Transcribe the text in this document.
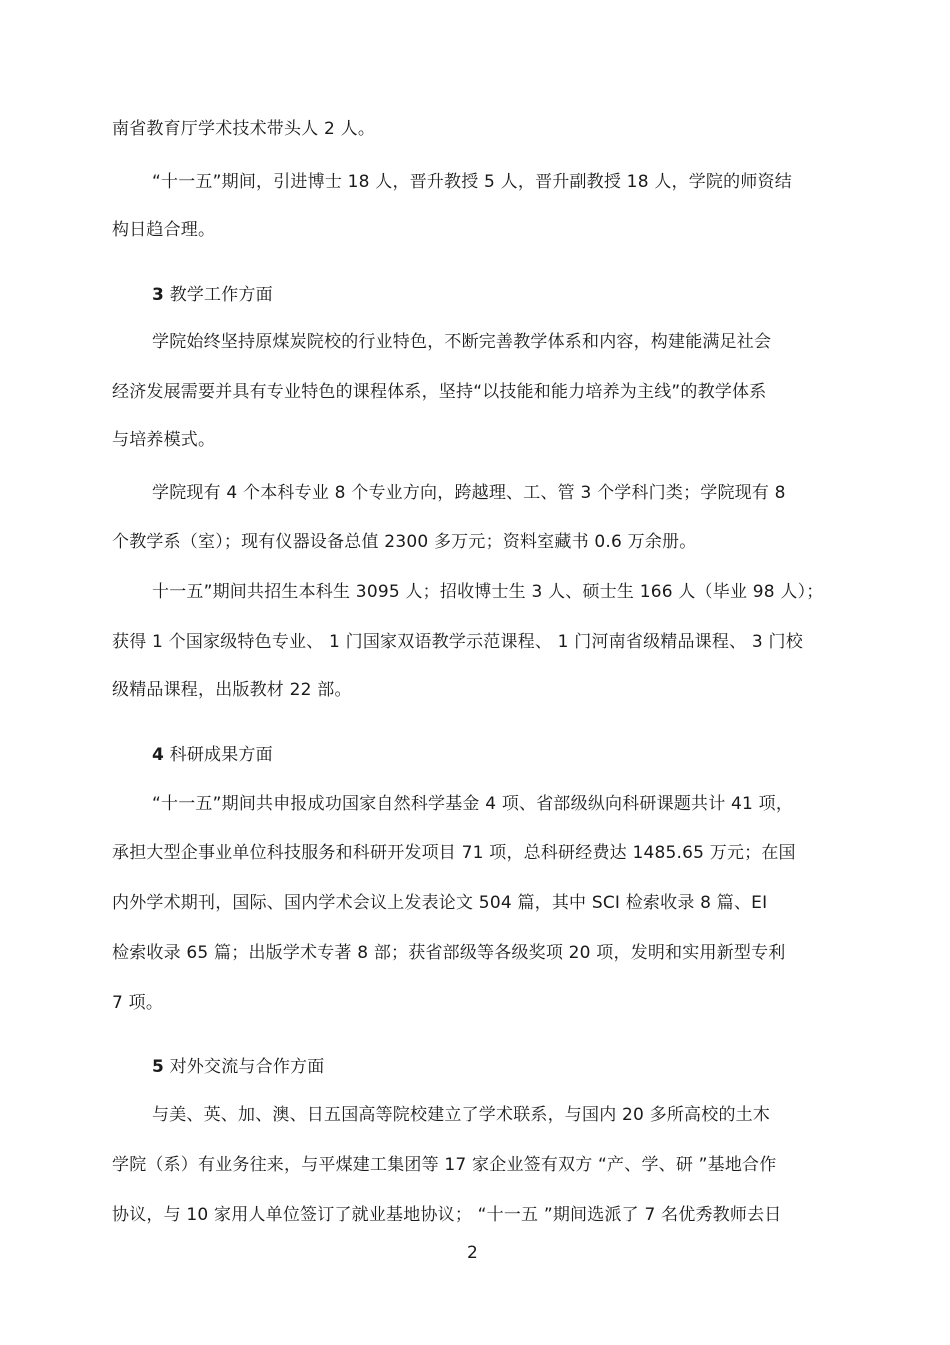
南省教育厅学术技术带头人 2 人。
“十一五”期间，引进博士 18 人，晋升教授 5 人，晋升副教授 18 人，学院的师资结
构日趋合理。
3 教学工作方面
学院始终坚持原煤炭院校的行业特色，不断完善教学体系和内容，构建能满足社会
经济发展需要并具有专业特色的课程体系，坚持“以技能和能力培养为主线”的教学体系
与培养模式。
学院现有 4 个本科专业 8 个专业方向，跨越理、工、管 3 个学科门类；学院现有 8
个教学系（室）；现有仪器设备总值 2300 多万元；资料室藏书 0.6 万余册。
十一五”期间共招生本科生 3095 人；招收博士生 3 人、硕士生 166 人（毕业 98 人）；
获得 1 个国家级特色专业、 1 门国家双语教学示范课程、 1 门河南省级精品课程、 3 门校
级精品课程，出版教材 22 部。
4 科研成果方面
“十一五”期间共申报成功国家自然科学基金 4 项、省部级纵向科研课题共计 41 项，
承担大型企事业单位科技服务和科研开发项目 71 项，总科研经费达 1485.65 万元；在国
内外学术期刊，国际、国内学术会议上发表论文 504 篇，其中 SCI 检索收录 8 篇、EI
检索收录 65 篇；出版学术专著 8 部；获省部级等各级奖项 20 项，发明和实用新型专利
7 项。
5 对外交流与合作方面
与美、英、加、澳、日五国高等院校建立了学术联系，与国内 20 多所高校的土木
学院（系）有业务往来，与平煤建工集团等 17 家企业签有双方 “产、学、研 ”基地合作
协议，与 10 家用人单位签订了就业基地协议； “十一五 ”期间选派了 7 名优秀教师去日
2
